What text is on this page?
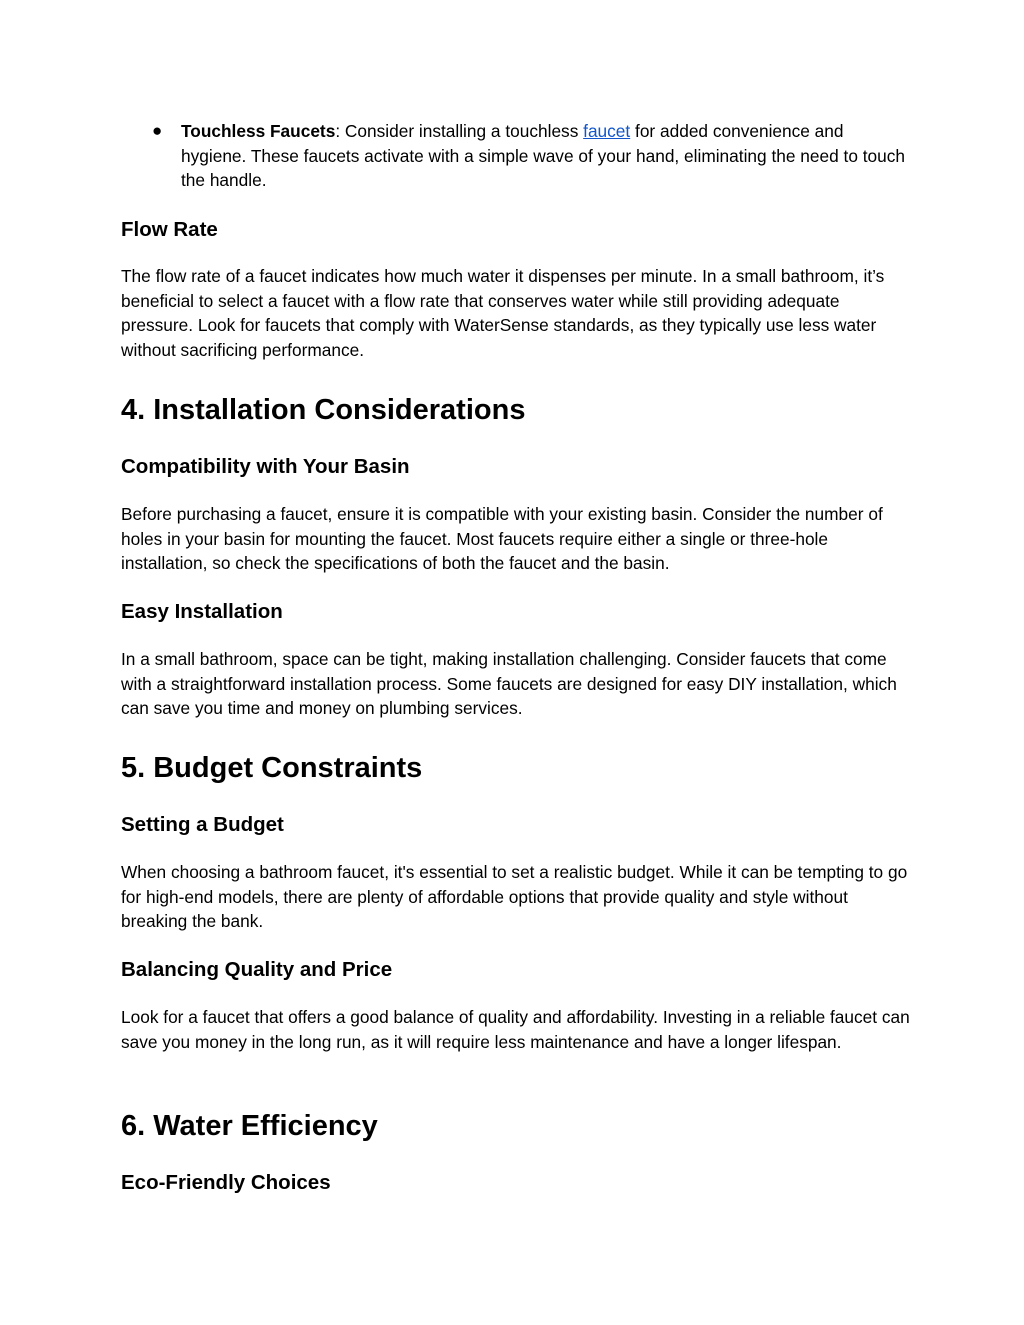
● Touchless Faucets: Consider installing a touchless faucet for added convenience and hygiene. These faucets activate with a simple wave of your hand, eliminating the need to touch the handle.
Flow Rate

The flow rate of a faucet indicates how much water it dispenses per minute. In a small bathroom, it’s beneficial to select a faucet with a flow rate that conserves water while still providing adequate pressure. Look for faucets that comply with WaterSense standards, as they typically use less water without sacrificing performance.

4. Installation Considerations
Compatibility with Your Basin

Before purchasing a faucet, ensure it is compatible with your existing basin. Consider the number of holes in your basin for mounting the faucet. Most faucets require either a single or three-hole installation, so check the specifications of both the faucet and the basin.

Easy Installation

In a small bathroom, space can be tight, making installation challenging. Consider faucets that come with a straightforward installation process. Some faucets are designed for easy DIY installation, which can save you time and money on plumbing services.

5. Budget Constraints
Setting a Budget

When choosing a bathroom faucet, it's essential to set a realistic budget. While it can be tempting to go for high-end models, there are plenty of affordable options that provide quality and style without breaking the bank.

Balancing Quality and Price

Look for a faucet that offers a good balance of quality and affordability. Investing in a reliable faucet can save you money in the long run, as it will require less maintenance and have a longer lifespan.

6. Water Efficiency
Eco-Friendly Choices
